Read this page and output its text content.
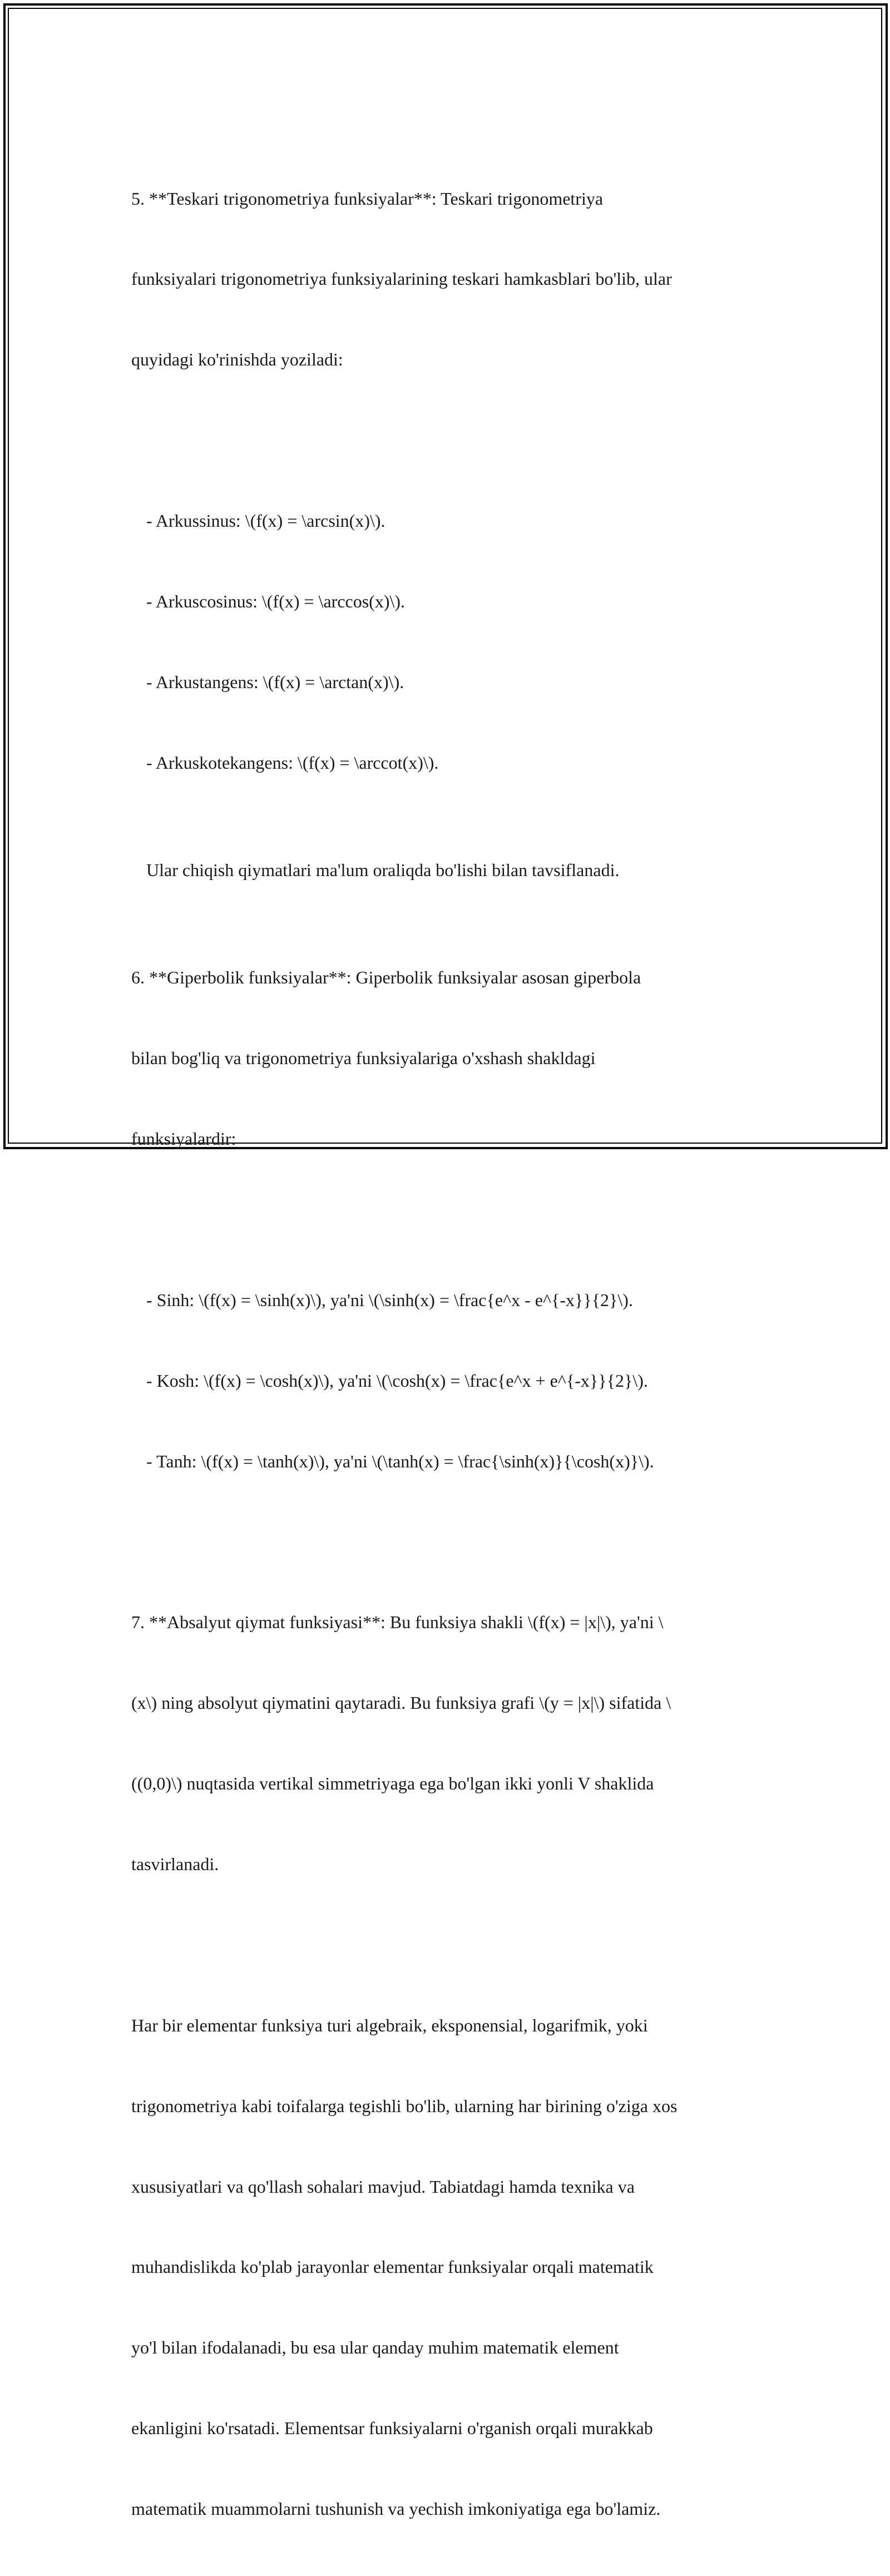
5. **Teskari trigonometriya funksiyalar**: Teskari trigonometriya

funksiyalari trigonometriya funksiyalarining teskari hamkasblari bo'lib, ular

quyidagi ko'rinishda yoziladi:

- Arkussinus: \(f(x) = \arcsin(x)\).

- Arkuscosinus: \(f(x) = \arccos(x)\).

- Arkustangens: \(f(x) = \arctan(x)\).

- Arkuskotekangens: \(f(x) = \arccot(x)\).

Ular chiqish qiymatlari ma'lum oraliqda bo'lishi bilan tavsiflanadi.

6. **Giperbolik funksiyalar**: Giperbolik funksiyalar asosan giperbola

bilan bog'liq va trigonometriya funksiyalariga o'xshash shakldagi

funksiyalardir:

- Sinh: \(f(x) = \sinh(x)\), ya'ni \(\sinh(x) = \frac{e^x - e^{-x}}{2}\).

- Kosh: \(f(x) = \cosh(x)\), ya'ni \(\cosh(x) = \frac{e^x + e^{-x}}{2}\).

- Tanh: \(f(x) = \tanh(x)\), ya'ni \(\tanh(x) = \frac{\sinh(x)}{\cosh(x)}\).

7. **Absalyut qiymat funksiyasi**: Bu funksiya shakli \(f(x) = |x|\), ya'ni \

(x\) ning absolyut qiymatini qaytaradi. Bu funksiya grafi \(y = |x|\) sifatida \

((0,0)\) nuqtasida vertikal simmetriyaga ega bo'lgan ikki yonli V shaklida

tasvirlanadi.

Har bir elementar funksiya turi algebraik, eksponensial, logarifmik, yoki

trigonometriya kabi toifalarga tegishli bo'lib, ularning har birining o'ziga xos

xususiyatlari va qo'llash sohalari mavjud. Tabiatdagi hamda texnika va

muhandislikda ko'plab jarayonlar elementar funksiyalar orqali matematik

yo'l bilan ifodalanadi, bu esa ular qanday muhim matematik element

ekanligini ko'rsatadi. Elementsar funksiyalarni o'rganish orqali murakkab

matematik muammolarni tushunish va yechish imkoniyatiga ega bo'lamiz.
